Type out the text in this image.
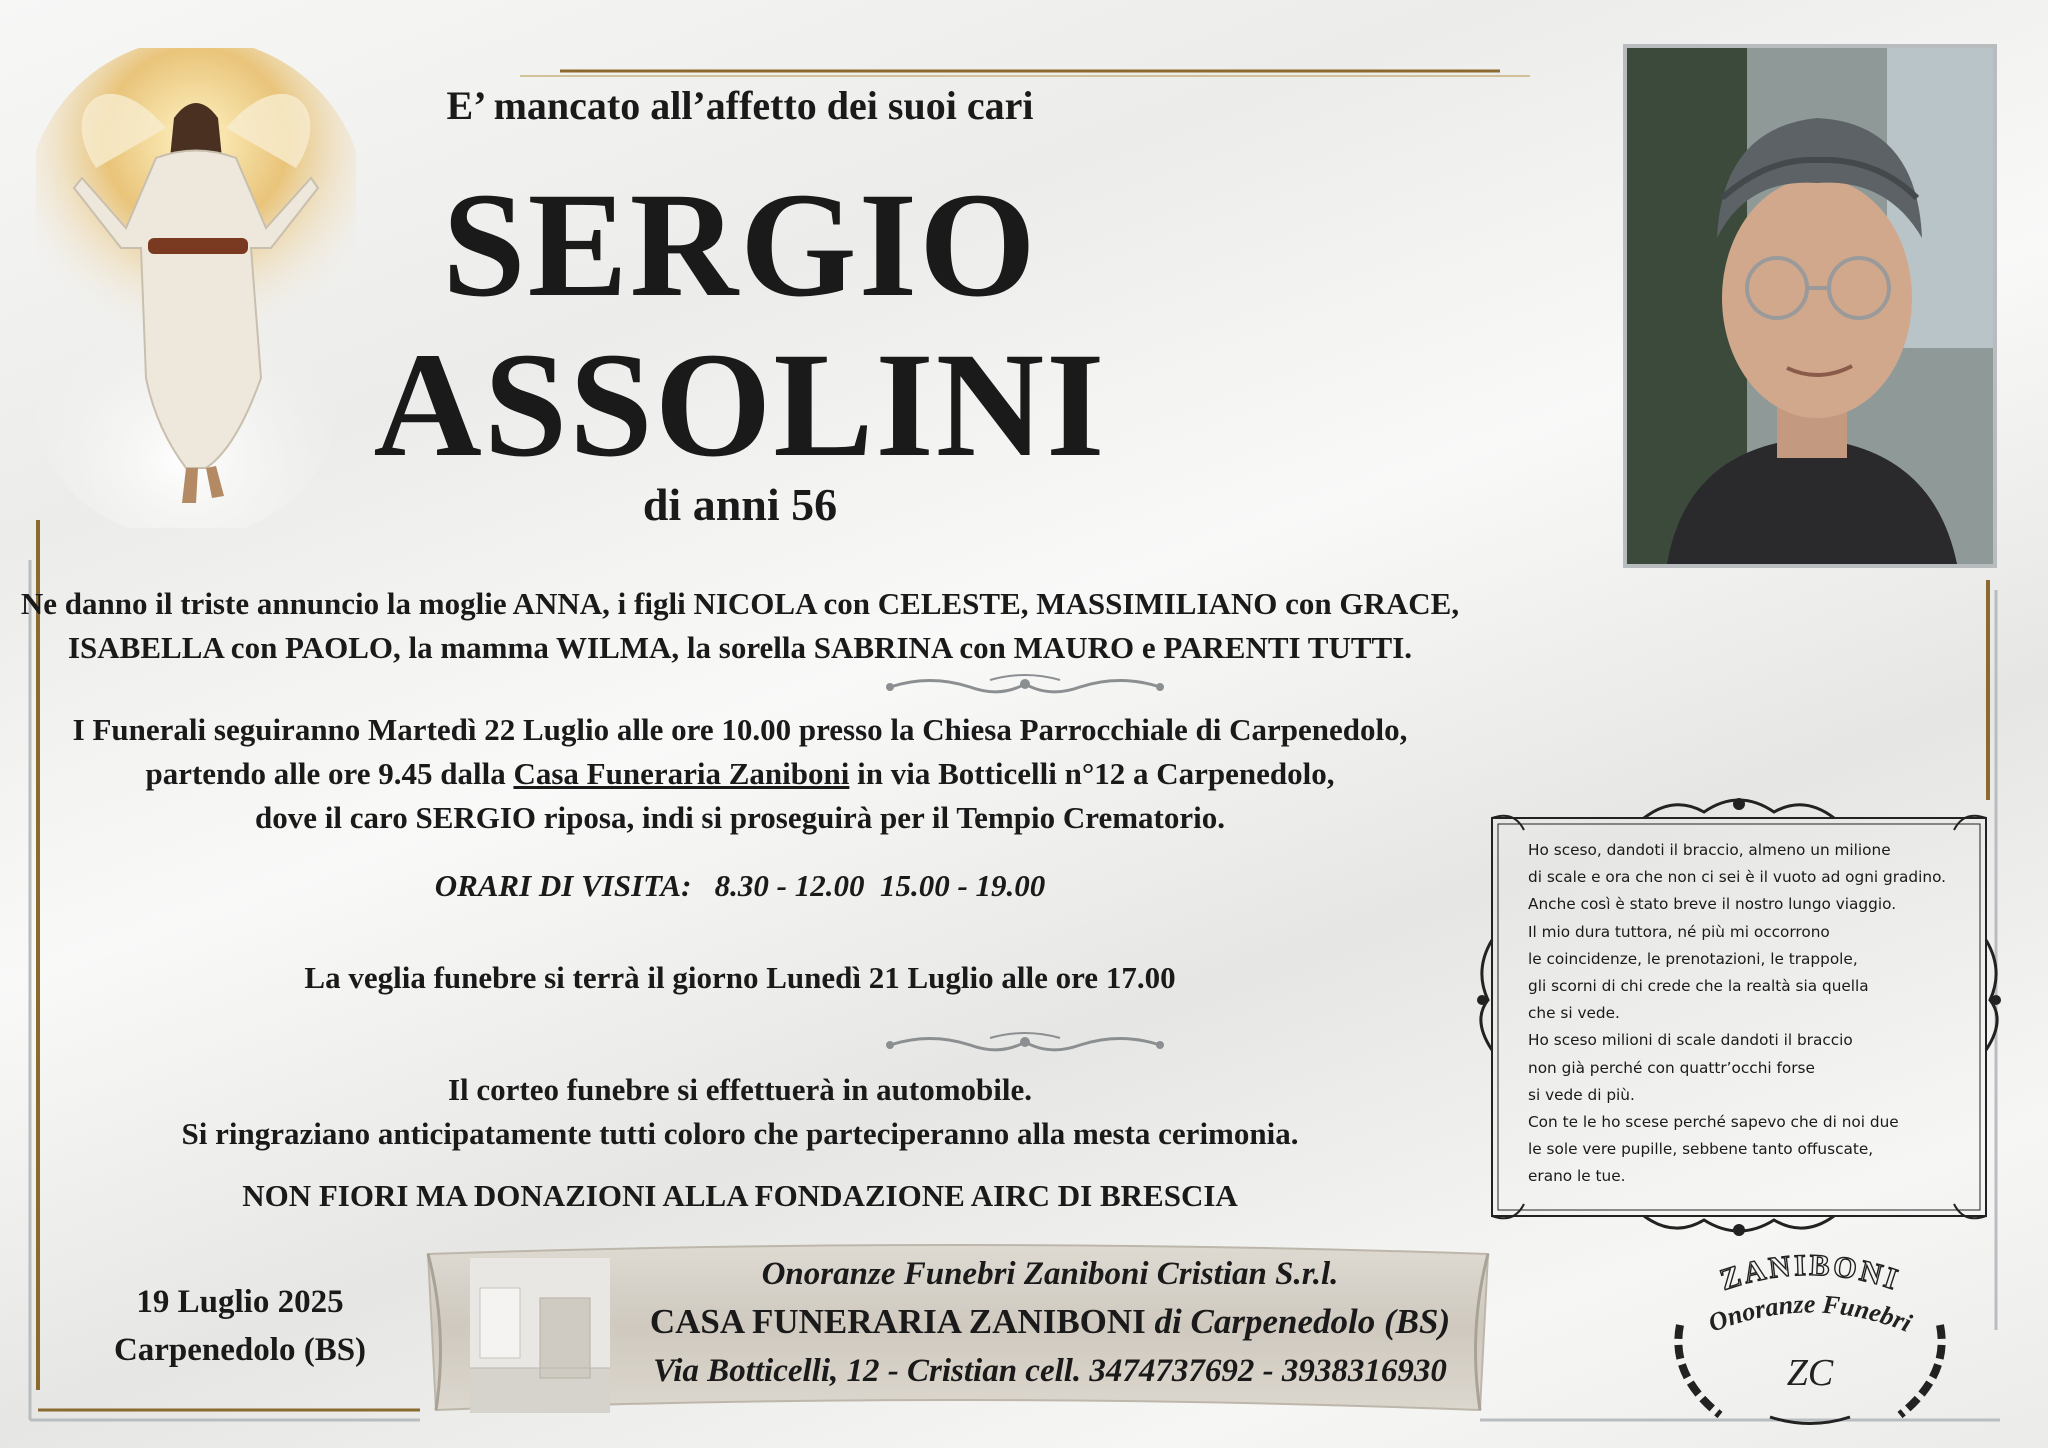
E’ mancato all’affetto dei suoi cari
SERGIO
ASSOLINI
di anni 56
Ne danno il triste annuncio la moglie ANNA, i figli NICOLA con CELESTE, MASSIMILIANO con GRACE,
ISABELLA con PAOLO, la mamma WILMA, la sorella SABRINA con MAURO e PARENTI TUTTI.
I Funerali seguiranno Martedì 22 Luglio alle ore 10.00 presso la Chiesa Parrocchiale di Carpenedolo,
partendo alle ore 9.45 dalla Casa Funeraria Zaniboni in via Botticelli n°12 a Carpenedolo,
dove il caro SERGIO riposa, indi si proseguirà per il Tempio Crematorio.
ORARI DI VISITA: 8.30 - 12.00  15.00 - 19.00
La veglia funebre si terrà il giorno Lunedì 21 Luglio alle ore 17.00
Il corteo funebre si effettuerà in automobile.
Si ringraziano anticipatamente tutti coloro che parteciperanno alla mesta cerimonia.
NON FIORI MA DONAZIONI ALLA FONDAZIONE AIRC DI BRESCIA
Ho sceso, dandoti il braccio, almeno un milione
di scale e ora che non ci sei è il vuoto ad ogni gradino.
Anche così è stato breve il nostro lungo viaggio.
Il mio dura tuttora, né più mi occorrono
le coincidenze, le prenotazioni, le trappole,
gli scorni di chi crede che la realtà sia quella
che si vede.
Ho sceso milioni di scale dandoti il braccio
non già perché con quattr’occhi forse
si vede di più.
Con te le ho scese perché sapevo che di noi due
le sole vere pupille, sebbene tanto offuscate,
erano le tue.
19 Luglio 2025
Carpenedolo (BS)
Onoranze Funebri Zaniboni Cristian S.r.l.
CASA FUNERARIA ZANIBONI di Carpenedolo (BS)
Via Botticelli, 12 - Cristian cell. 3474737692 - 3938316930
ZANIBONI
Onoranze Funebri
ZC
